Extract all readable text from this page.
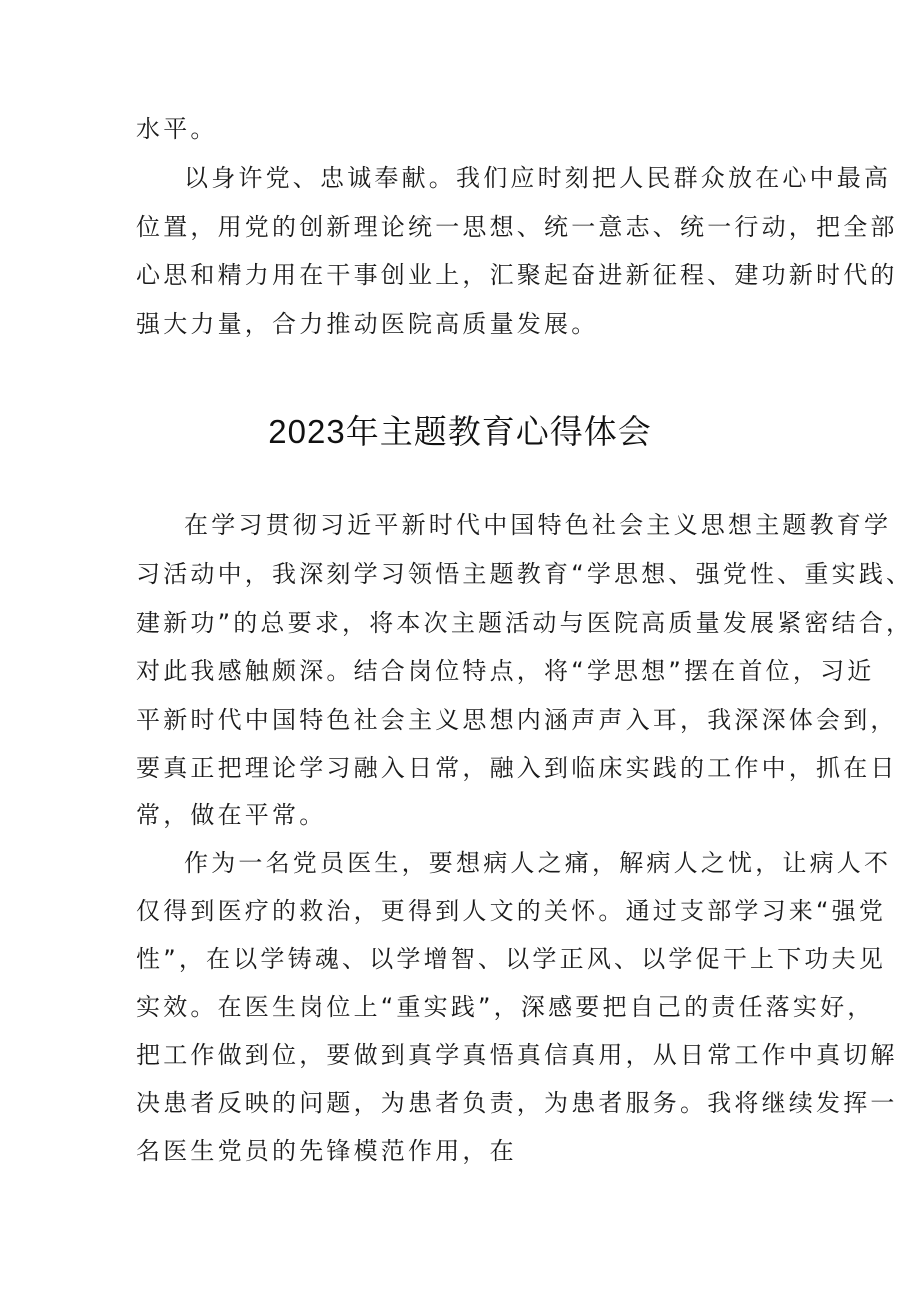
水平。
以身许党、忠诚奉献。我们应时刻把人民群众放在心中最高
位置，用党的创新理论统一思想、统一意志、统一行动，把全部
心思和精力用在干事创业上，汇聚起奋进新征程、建功新时代的
强大力量，合力推动医院高质量发展。
2023年主题教育心得体会
在学习贯彻习近平新时代中国特色社会主义思想主题教育学
习活动中，我深刻学习领悟主题教育“学思想、强党性、重实践、
建新功”的总要求，将本次主题活动与医院高质量发展紧密结合，
对此我感触颇深。结合岗位特点，将“学思想”摆在首位，习近
平新时代中国特色社会主义思想内涵声声入耳，我深深体会到，
要真正把理论学习融入日常，融入到临床实践的工作中，抓在日
常，做在平常。
作为一名党员医生，要想病人之痛，解病人之忧，让病人不
仅得到医疗的救治，更得到人文的关怀。通过支部学习来“强党
性”，在以学铸魂、以学增智、以学正风、以学促干上下功夫见
实效。在医生岗位上“重实践”，深感要把自己的责任落实好，
把工作做到位，要做到真学真悟真信真用，从日常工作中真切解
决患者反映的问题，为患者负责，为患者服务。我将继续发挥一
名医生党员的先锋模范作用，在
